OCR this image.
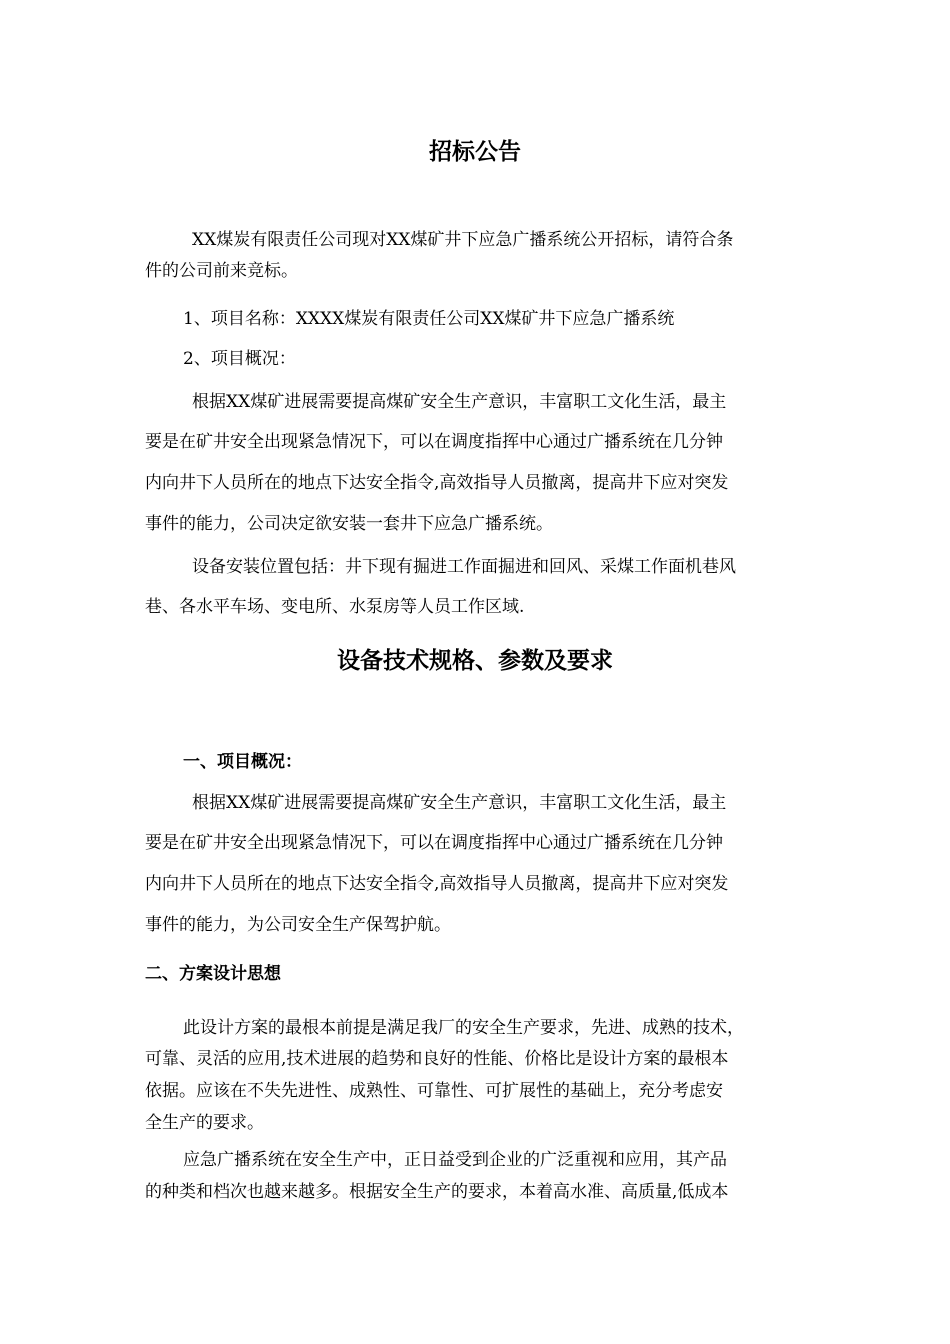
招标公告

XX煤炭有限责任公司现对XX煤矿井下应急广播系统公开招标，请符合条

件的公司前来竞标。

1、项目名称：XXXX煤炭有限责任公司XX煤矿井下应急广播系统

2、项目概况：

根据XX煤矿进展需要提高煤矿安全生产意识，丰富职工文化生活，最主

要是在矿井安全出现紧急情况下，可以在调度指挥中心通过广播系统在几分钟

内向井下人员所在的地点下达安全指令,高效指导人员撤离，提高井下应对突发

事件的能力，公司决定欲安装一套井下应急广播系统。

设备安装位置包括：井下现有掘进工作面掘进和回风、采煤工作面机巷风

巷、各水平车场、变电所、水泵房等人员工作区域.

设备技术规格、参数及要求

一、项目概况：

根据XX煤矿进展需要提高煤矿安全生产意识，丰富职工文化生活，最主

要是在矿井安全出现紧急情况下，可以在调度指挥中心通过广播系统在几分钟

内向井下人员所在的地点下达安全指令,高效指导人员撤离，提高井下应对突发

事件的能力，为公司安全生产保驾护航。

二、方案设计思想

此设计方案的最根本前提是满足我厂的安全生产要求，先进、成熟的技术，

可靠、灵活的应用,技术进展的趋势和良好的性能、价格比是设计方案的最根本

依据。应该在不失先进性、成熟性、可靠性、可扩展性的基础上，充分考虑安

全生产的要求。

应急广播系统在安全生产中，正日益受到企业的广泛重视和应用，其产品

的种类和档次也越来越多。根据安全生产的要求，本着高水准、高质量,低成本
